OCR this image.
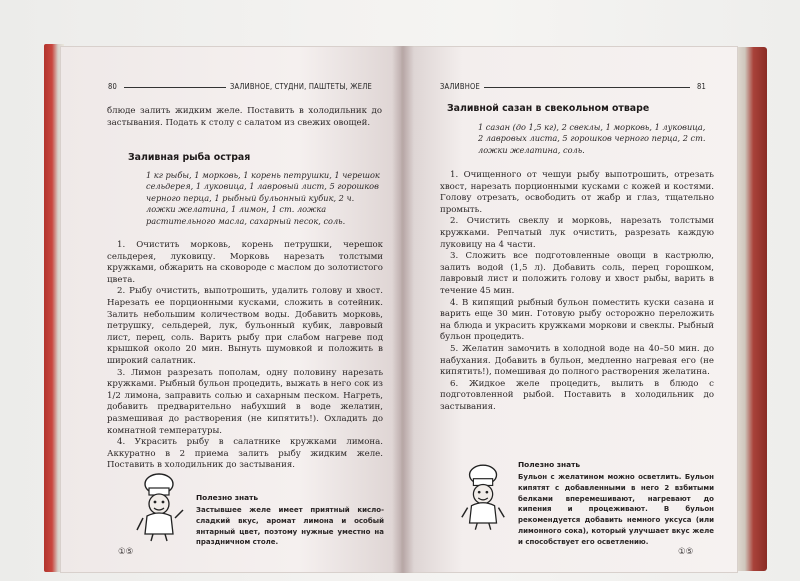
80	ЗАЛИВНОЕ, СТУДНИ, ПАШТЕТЫ, ЖЕЛЕ

блюде залить жидким желе. Поставить в холодильник до застывания. Подать к столу с салатом из свежих овощей.

Заливная рыба острая
1 кг рыбы, 1 морковь, 1 корень петрушки, 1 черешок сельдерея, 1 луковица, 1 лавровый лист, 5 горошков черного перца, 1 рыбный бульонный кубик, 2 ч. ложки желатина, 1 лимон, 1 ст. ложка растительного масла, сахарный песок, соль.

1. Очистить морковь, корень петрушки, черешок сельдерея, луковицу. Морковь нарезать толстыми кружками, обжарить на сковороде с маслом до золотистого цвета.

2. Рыбу очистить, выпотрошить, удалить голову и хвост. Нарезать ее порционными кусками, сложить в сотейник. Залить небольшим количеством воды. Добавить морковь, петрушку, сельдерей, лук, бульонный кубик, лавровый лист, перец, соль. Варить рыбу при слабом нагреве под крышкой около 20 мин. Вынуть шумовкой и положить в широкий салатник.

3. Лимон разрезать пополам, одну половину нарезать кружками. Рыбный бульон процедить, выжать в него сок из 1/2 лимона, заправить солью и сахарным песком. Нагреть, добавить предварительно набухший в воде желатин, размешивая до растворения (не кипятить!). Охладить до комнатной температуры.

4. Украсить рыбу в салатнике кружками лимона. Аккуратно в 2 приема залить рыбу жидким желе. Поставить в холодильник до застывания.

Полезно знать
Застывшее желе имеет приятный кисло-сладкий вкус, аромат лимона и особый янтарный цвет, поэтому нужные уместно на праздничном столе.
①⑤
ЗАЛИВНОЕ	81
Заливной сазан в свекольном отваре
1 сазан (до 1,5 кг), 2 свеклы, 1 морковь, 1 луковица, 2 лавровых листа, 5 горошков черного перца, 2 ст. ложки желатина, соль.

1. Очищенного от чешуи рыбу выпотрошить, отрезать хвост, нарезать порционными кусками с кожей и костями. Голову отрезать, освободить от жабр и глаз, тщательно промыть.

2. Очистить свеклу и морковь, нарезать толстыми кружками. Репчатый лук очистить, разрезать каждую луковицу на 4 части.

3. Сложить все подготовленные овощи в кастрюлю, залить водой (1,5 л). Добавить соль, перец горошком, лавровый лист и положить голову и хвост рыбы, варить в течение 45 мин.

4. В кипящий рыбный бульон поместить куски сазана и варить еще 30 мин. Готовую рыбу осторожно переложить на блюда и украсить кружками моркови и свеклы. Рыбный бульон процедить.

5. Желатин замочить в холодной воде на 40–50 мин. до набухания. Добавить в бульон, медленно нагревая его (не кипятить!), помешивая до полного растворения желатина.

6. Жидкое желе процедить, вылить в блюдо с подготовленной рыбой. Поставить в холодильник до застывания.

Полезно знать
Бульон с желатином можно осветлить. Бульон кипятят с добавленными в него 2 взбитыми белками вперемешивают, нагревают до кипения и процеживают. В бульон рекомендуется добавить немного уксуса (или лимонного сока), который улучшает вкус желе и способствует его осветлению.
①⑤
